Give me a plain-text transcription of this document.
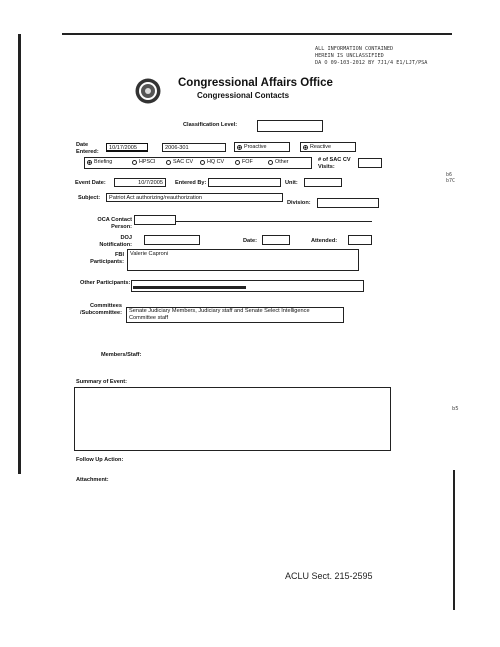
ALL INFORMATION CONTAINED
HEREIN IS UNCLASSIFIED
DA O 09-103-2012 BY 7J1/4 E1/LJT/PSA
Congressional Affairs Office
Congressional Contacts
Classification Level:
Date Entered:
10/17/2005	2006-301	Proactive	Reactive
Briefing	HPSCI	SAC CV	HQ CV	FOF	Other	# of SAC CV Visits:
Event Date:	10/7/2005	Entered By:	Unit:
Subject:	Patriot Act authorizing/reauthorization
Division:
OCA Contact Person:
DOJ Notification:
Date:	Attended:
FBI Participants:
Valerie Caproni
Other Participants:
Committees /Subcommittee: Senate Judiciary Members, Judiciary staff and Senate Select Intelligence
Committee staff
Members/Staff:
Summary of Event:
Follow Up Action:
Attachment:
b6 b7C
b5
ACLU Sect. 215-2595
